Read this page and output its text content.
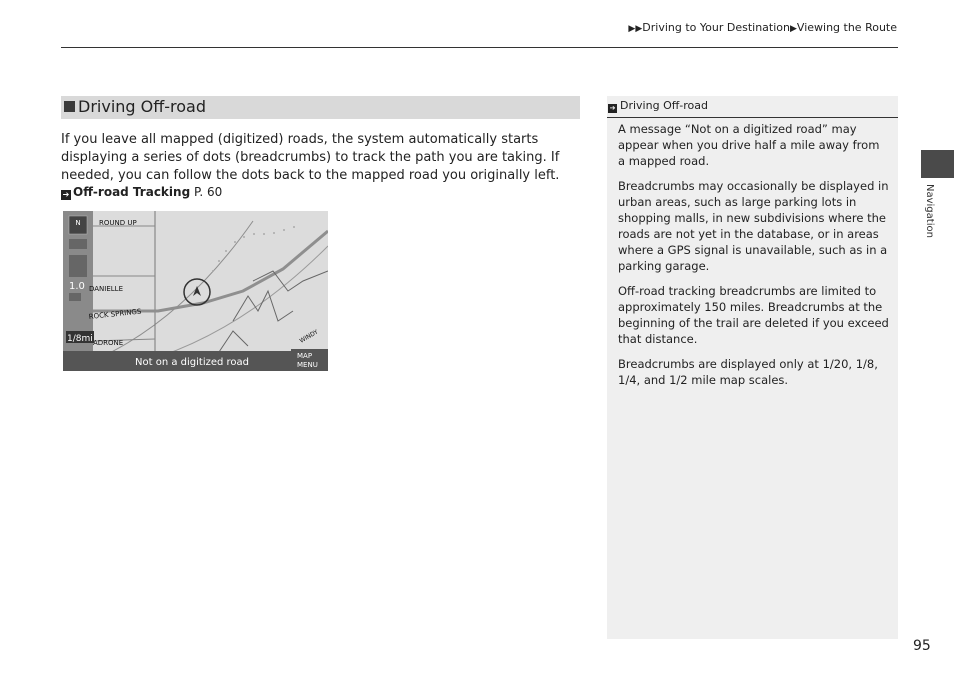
▶▶Driving to Your Destination▶Viewing the Route
Driving Off-road
If you leave all mapped (digitized) roads, the system automatically starts displaying a series of dots (breadcrumbs) to track the path you are taking. If needed, you can follow the dots back to the mapped road you originally left.
➔ Off-road Tracking P. 60
N
1.0
1/8mi
ROUND UP
DANIELLE
ROCK SPRINGS
ADRONE	WINDY
Not on a digitized road
MAP
MENU
➔ Driving Off-road

A message “Not on a digitized road” may appear when you drive half a mile away from a mapped road.

Breadcrumbs may occasionally be displayed in urban areas, such as large parking lots in shopping malls, in new subdivisions where the roads are not yet in the database, or in areas where a GPS signal is unavailable, such as in a parking garage.

Off-road tracking breadcrumbs are limited to approximately 150 miles. Breadcrumbs at the beginning of the trail are deleted if you exceed that distance.

Breadcrumbs are displayed only at 1/20, 1/8, 1/4, and 1/2 mile map scales.

Navigation
95
